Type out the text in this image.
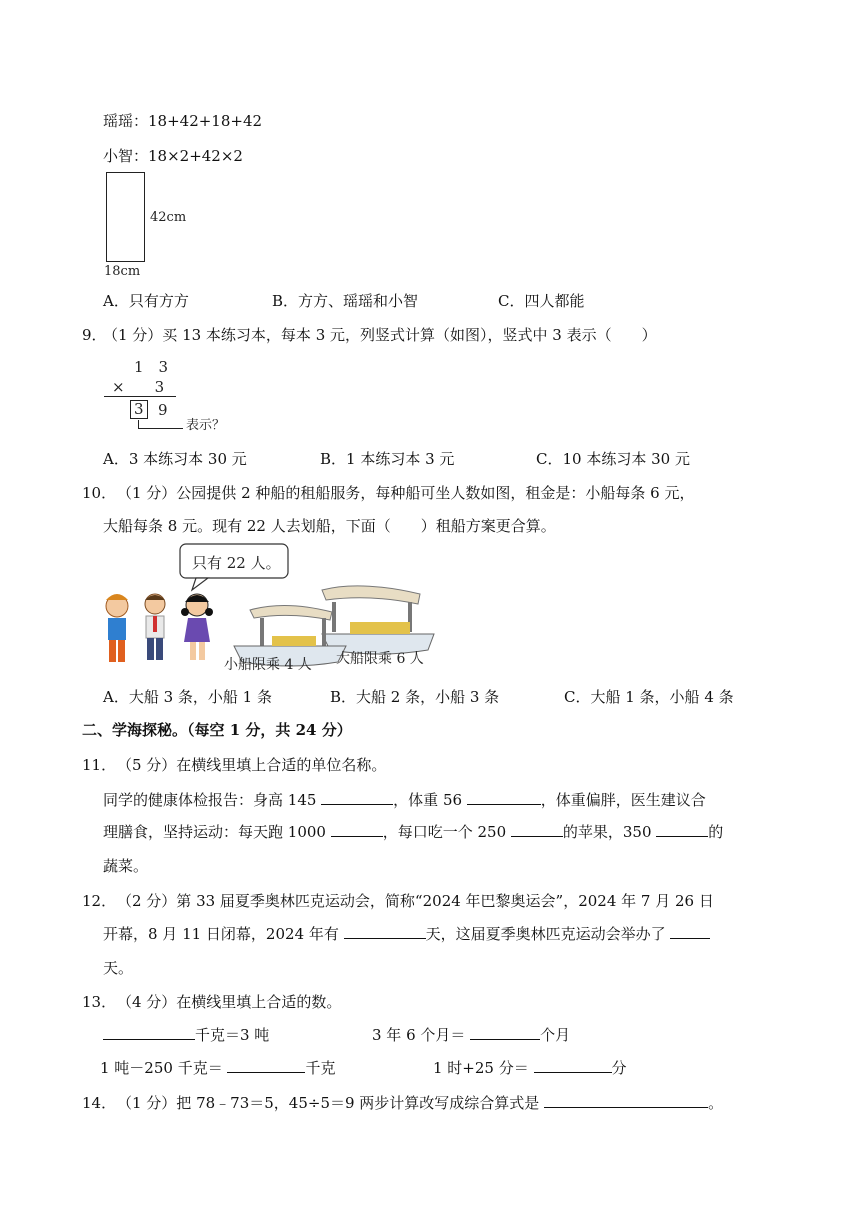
瑶瑶：18+42+18+42
小智：18×2+42×2
42cm
18cm
A．只有方方	B．方方、瑶瑶和小智	C．四人都能
9．
（1 分）买 13 本练习本，每本 3 元，列竖式计算（如图），竖式中 3 表示（　　）
1　3
×　　3
3 9
表示？
A．3 本练习本 30 元	B．1 本练习本 3 元	C．10 本练习本 30 元
10． （1 分）公园提供 2 种船的租船服务，每种船可坐人数如图，租金是：小船每条 6 元，
大船每条 8 元。现有 22 人去划船，下面（　　）租船方案更合算。
只有 22 人。
小船限乘 4 人 大船限乘 6 人
A．大船 3 条，小船 1 条	B．大船 2 条，小船 3 条	C．大船 1 条，小船 4 条
二、学海探秘。（每空 1 分，共 24 分）
11． （5 分）在横线里填上合适的单位名称。
同学的健康体检报告：身高 145	，体重 56	，体重偏胖，医生建议合
理膳食，坚持运动：每天跑 1000	，每口吃一个 250	的苹果，350	的
蔬菜。
12． （2 分）第 33 届夏季奥林匹克运动会，简称“2024 年巴黎奥运会”，2024 年 7 月 26 日
开幕，8 月 11 日闭幕，2024 年有	天，这届夏季奥林匹克运动会举办了
天。
13． （4 分）在横线里填上合适的数。
千克＝3 吨	3 年 6 个月＝	个月
1 吨－250 千克＝	千克	1 时+25 分＝	分
14． （1 分）把 78﹣73＝5，45÷5＝9 两步计算改写成综合算式是	。
